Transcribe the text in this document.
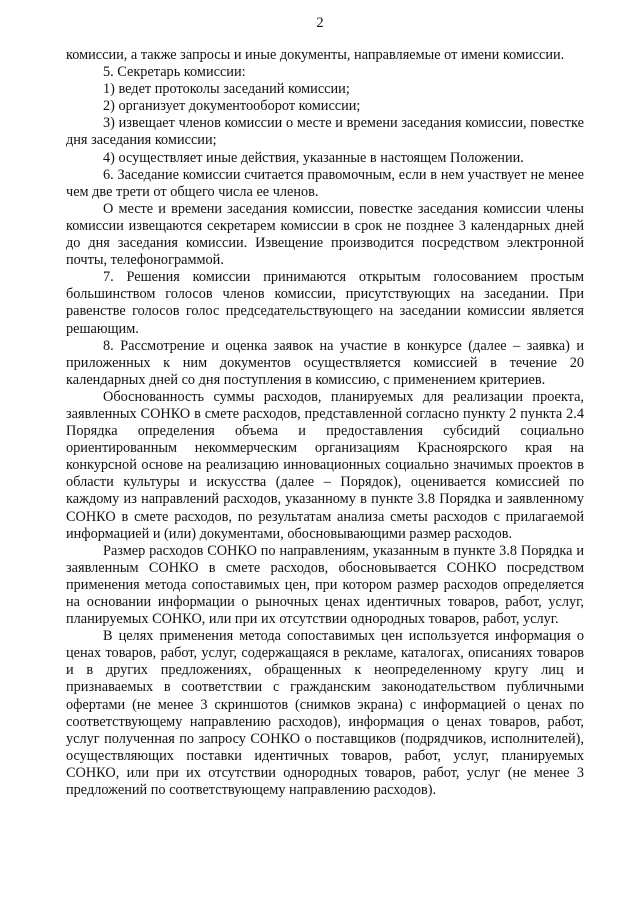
2

комиссии, а также запросы и иные документы, направляемые от имени комиссии.

5. Секретарь комиссии:

1) ведет протоколы заседаний комиссии;

2) организует документооборот комиссии;

3) извещает членов комиссии о месте и времени заседания комиссии, повестке дня заседания комиссии;

4) осуществляет иные действия, указанные в настоящем Положении.

6. Заседание комиссии считается правомочным, если в нем участвует не менее чем две трети от общего числа ее членов.

О месте и времени заседания комиссии, повестке заседания комиссии члены комиссии извещаются секретарем комиссии в срок не позднее 3 календарных дней до дня заседания комиссии. Извещение производится посредством электронной почты, телефонограммой.

7. Решения комиссии принимаются открытым голосованием простым большинством голосов членов комиссии, присутствующих на заседании. При равенстве голосов голос председательствующего на заседании комиссии является решающим.

8. Рассмотрение и оценка заявок на участие в конкурсе (далее – заявка) и приложенных к ним документов осуществляется комиссией в течение 20 календарных дней со дня поступления в комиссию, с применением критериев.

Обоснованность суммы расходов, планируемых для реализации проекта, заявленных СОНКО в смете расходов, представленной согласно пункту 2 пункта 2.4 Порядка определения объема и предоставления субсидий социально ориентированным некоммерческим организациям Красноярского края на конкурсной основе на реализацию инновационных социально значимых проектов в области культуры и искусства (далее – Порядок), оценивается комиссией по каждому из направлений расходов, указанному в пункте 3.8 Порядка и заявленному СОНКО в смете расходов, по результатам анализа сметы расходов с прилагаемой информацией и (или) документами, обосновывающими размер расходов.

Размер расходов СОНКО по направлениям, указанным в пункте 3.8 Порядка и заявленным СОНКО в смете расходов, обосновывается СОНКО посредством применения метода сопоставимых цен, при котором размер расходов определяется на основании информации о рыночных ценах идентичных товаров, работ, услуг, планируемых СОНКО, или при их отсутствии однородных товаров, работ, услуг.

В целях применения метода сопоставимых цен используется информация о ценах товаров, работ, услуг, содержащаяся в рекламе, каталогах, описаниях товаров и в других предложениях, обращенных к неопределенному кругу лиц и признаваемых в соответствии с гражданским законодательством публичными офертами (не менее 3 скриншотов (снимков экрана) с информацией о ценах по соответствующему направлению расходов), информация о ценах товаров, работ, услуг полученная по запросу СОНКО о поставщиков (подрядчиков, исполнителей), осуществляющих поставки идентичных товаров, работ, услуг, планируемых СОНКО, или при их отсутствии однородных товаров, работ, услуг (не менее 3 предложений по соответствующему направлению расходов).
